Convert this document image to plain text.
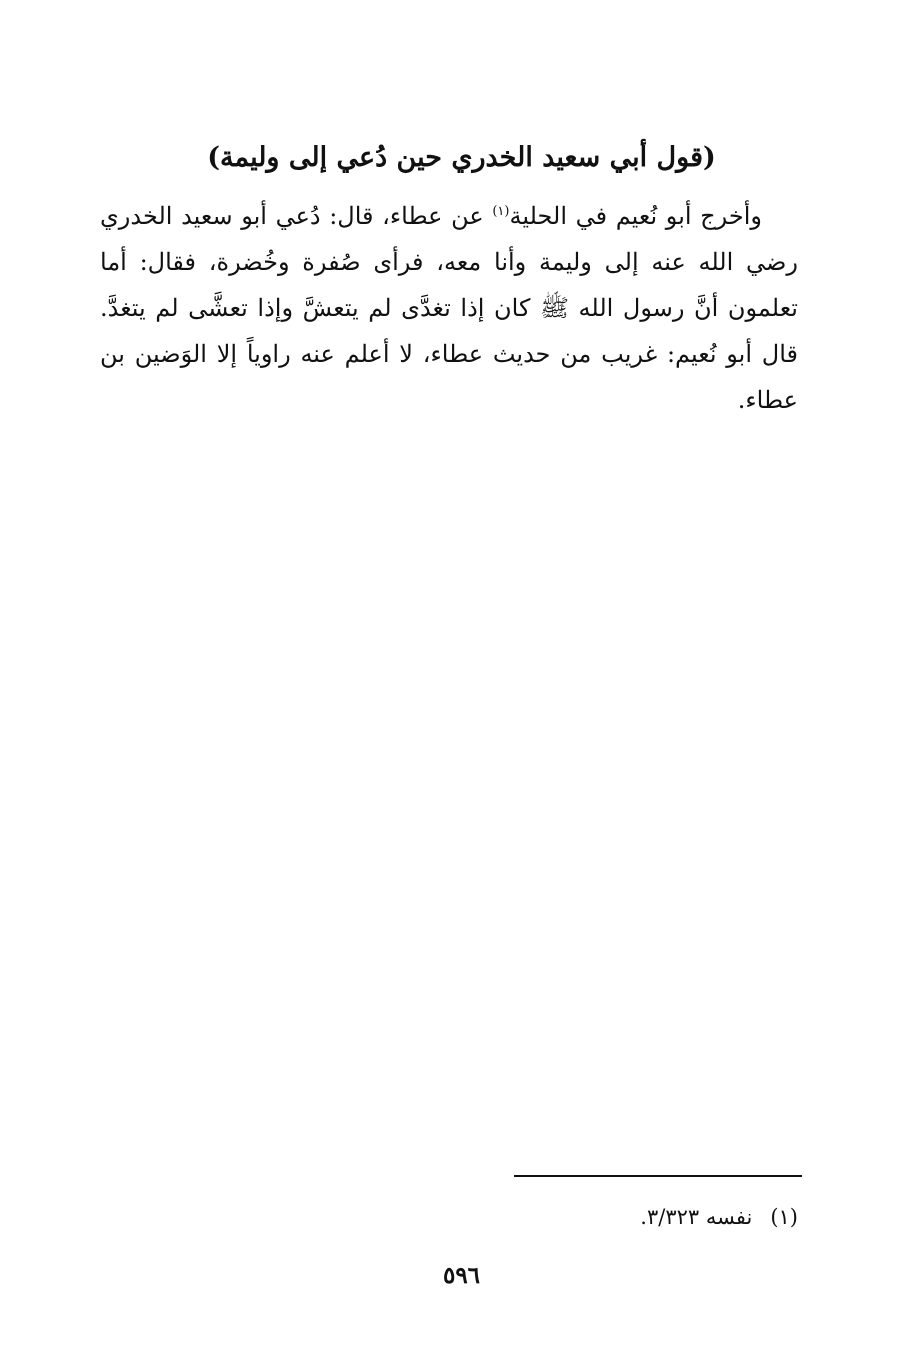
(قول أبي سعيد الخدري حين دُعي إلى وليمة)

وأخرج أبو نُعيم في الحلية$^{(١)}$ عن عطاء، قال: دُعي أبو سعيد الخدري رضي الله عنه إلى وليمة وأنا معه، فرأى صُفرة وخُضرة، فقال: أما تعلمون أنَّ رسول الله ﷺ كان إذا تغدَّى لم يتعشَّ وإذا تعشَّى لم يتغدَّ. قال أبو نُعيم: غريب من حديث عطاء، لا أعلم عنه راوياً إلا الوَضين بن عطاء.

(١)نفسه ٣/٣٢٣.
٥٩٦
